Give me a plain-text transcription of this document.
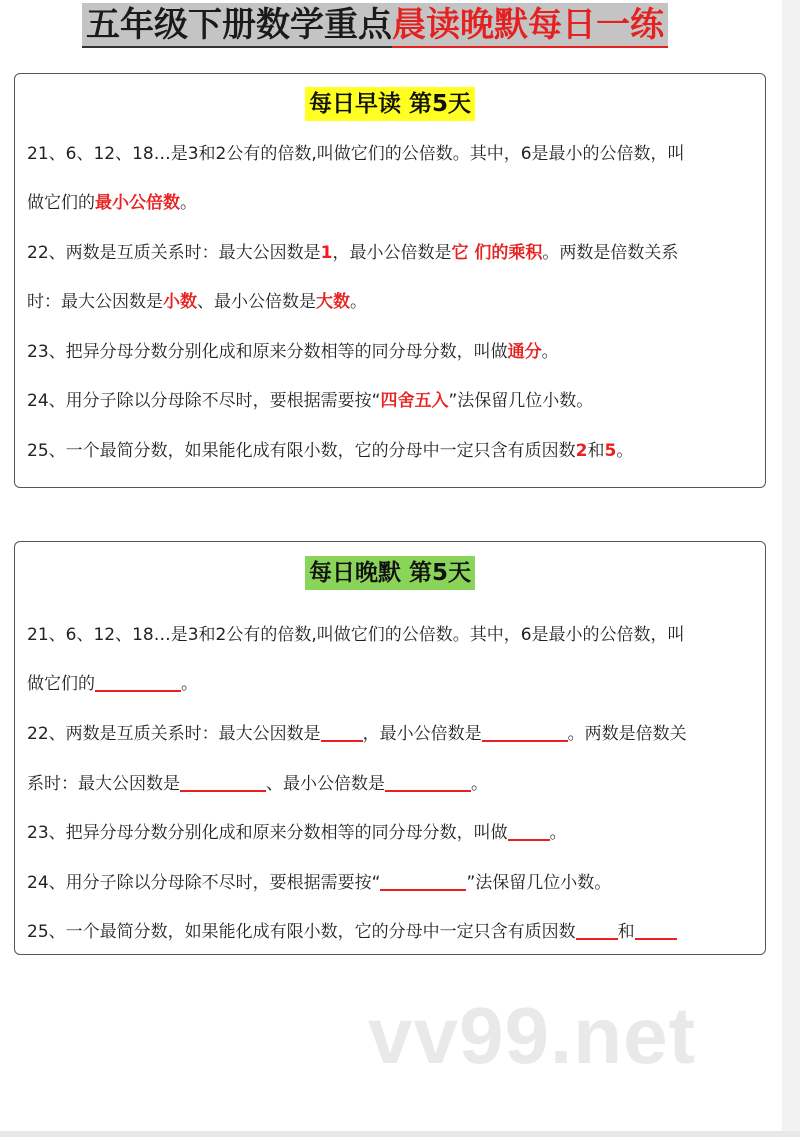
五年级下册数学重点 晨读晚默每日一练
每日早读 第5天
21、6、12、18…是3和2公有的倍数,叫做它们的公倍数。其中，6是最小的公倍数，叫
做它们的最小公倍数。
22、两数是互质关系时：最大公因数是1，最小公倍数是它 们的乘积。两数是倍数关系
时：最大公因数是小数、最小公倍数是大数。
23、把异分母分数分别化成和原来分数相等的同分母分数，叫做通分。
24、用分子除以分母除不尽时，要根据需要按“四舍五入”法保留几位小数。
25、一个最简分数，如果能化成有限小数，它的分母中一定只含有质因数2和5。
每日晚默 第5天
21、6、12、18…是3和2公有的倍数,叫做它们的公倍数。其中，6是最小的公倍数，叫
做它们的	。
22、两数是互质关系时：最大公因数是 ，最小公倍数是	。两数是倍数关
系时：最大公因数是	、最小公倍数是	。
23、把异分母分数分别化成和原来分数相等的同分母分数，叫做 。
24、用分子除以分母除不尽时，要根据需要按“	”法保留几位小数。
25、一个最简分数，如果能化成有限小数，它的分母中一定只含有质因数 和
vv99.net
